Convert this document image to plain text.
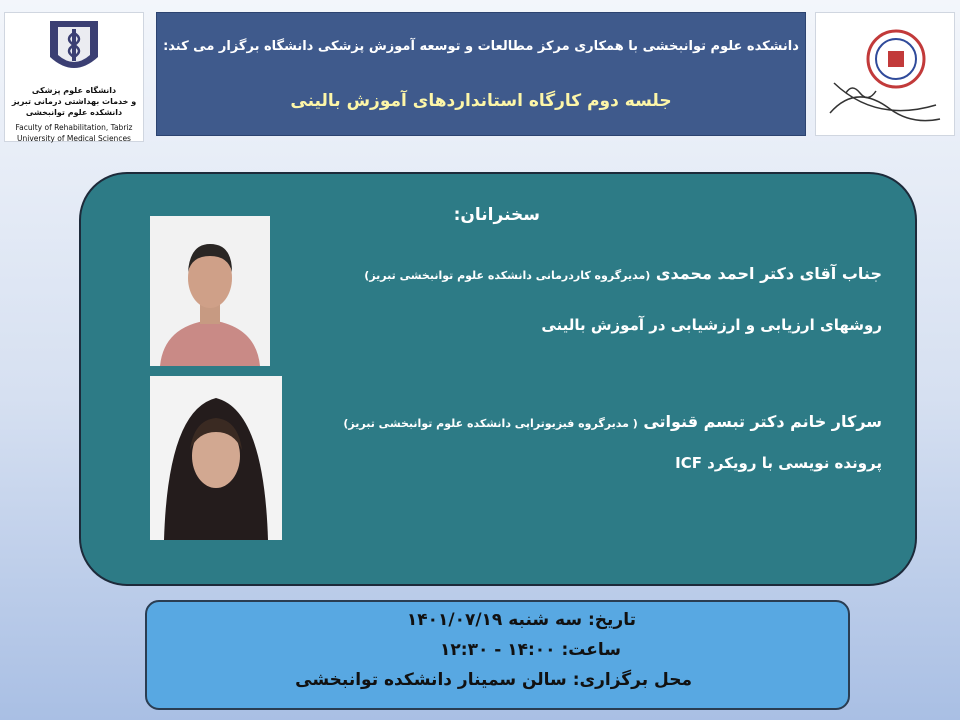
دانشگاه علوم پزشکی
و خدمات بهداشتی درمانی تبریز
دانشکده علوم توانبخشی
Faculty of Rehabilitation, Tabriz
University of Medical Sciences
دانشکده علوم توانبخشی با همکاری مرکز مطالعات و توسعه آموزش پزشکی دانشگاه برگزار می کند:
جلسه دوم کارگاه استانداردهای آموزش بالینی
سخنرانان:
جناب آقای دکتر احمد محمدی (مدیرگروه کاردرمانی دانشکده علوم توانبخشی تبریز)
روشهای ارزیابی و ارزشیابی در آموزش بالینی
سرکار خانم دکتر تبسم قنواتی ( مدیرگروه فیزیوتراپی دانشکده علوم توانبخشی تبریز)
پرونده نویسی با رویکرد ICF
تاریخ: سه شنبه ۱۴۰۱/۰۷/۱۹
ساعت: ۱۴:۰۰ - ۱۲:۳۰
محل برگزاری: سالن سمینار دانشکده توانبخشی
